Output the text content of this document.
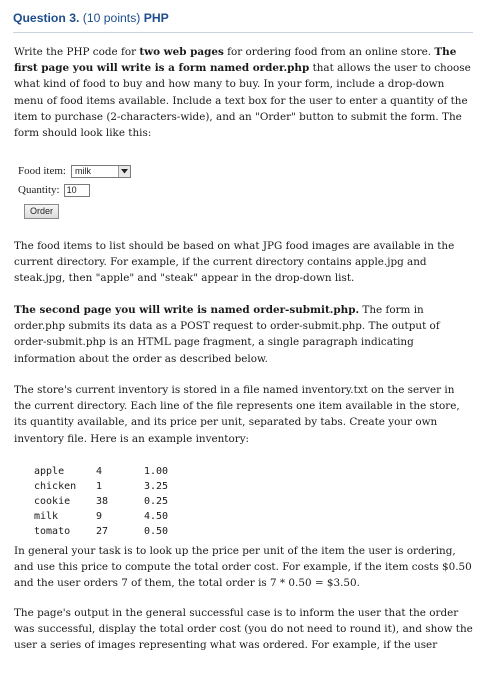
Question 3. (10 points) PHP

Write the PHP code for two web pages for ordering food from an online store. The first page you will write is a form named order.php that allows the user to choose what kind of food to buy and how many to buy. In your form, include a drop-down menu of food items available. Include a text box for the user to enter a quantity of the item to purchase (2-characters-wide), and an "Order" button to submit the form. The form should look like this:

Food item:	milk
Quantity: 10
Order

The food items to list should be based on what JPG food images are available in the current directory. For example, if the current directory contains apple.jpg and steak.jpg, then "apple" and "steak" appear in the drop-down list.

The second page you will write is named order-submit.php. The form in order.php submits its data as a POST request to order-submit.php. The output of order-submit.php is an HTML page fragment, a single paragraph indicating information about the order as described below.

The store's current inventory is stored in a file named inventory.txt on the server in the current directory. Each line of the file represents one item available in the store, its quantity available, and its price per unit, separated by tabs. Create your own inventory file. Here is an example inventory:

apple	4	1.00
chicken	1	3.25
cookie	38	0.25
milk	9	4.50
tomato	27	0.50

In general your task is to look up the price per unit of the item the user is ordering, and use this price to compute the total order cost. For example, if the item costs $0.50 and the user orders 7 of them, the total order is 7 * 0.50 = $3.50.

The page's output in the general successful case is to inform the user that the order was successful, display the total order cost (you do not need to round it), and show the user a series of images representing what was ordered. For example, if the user
